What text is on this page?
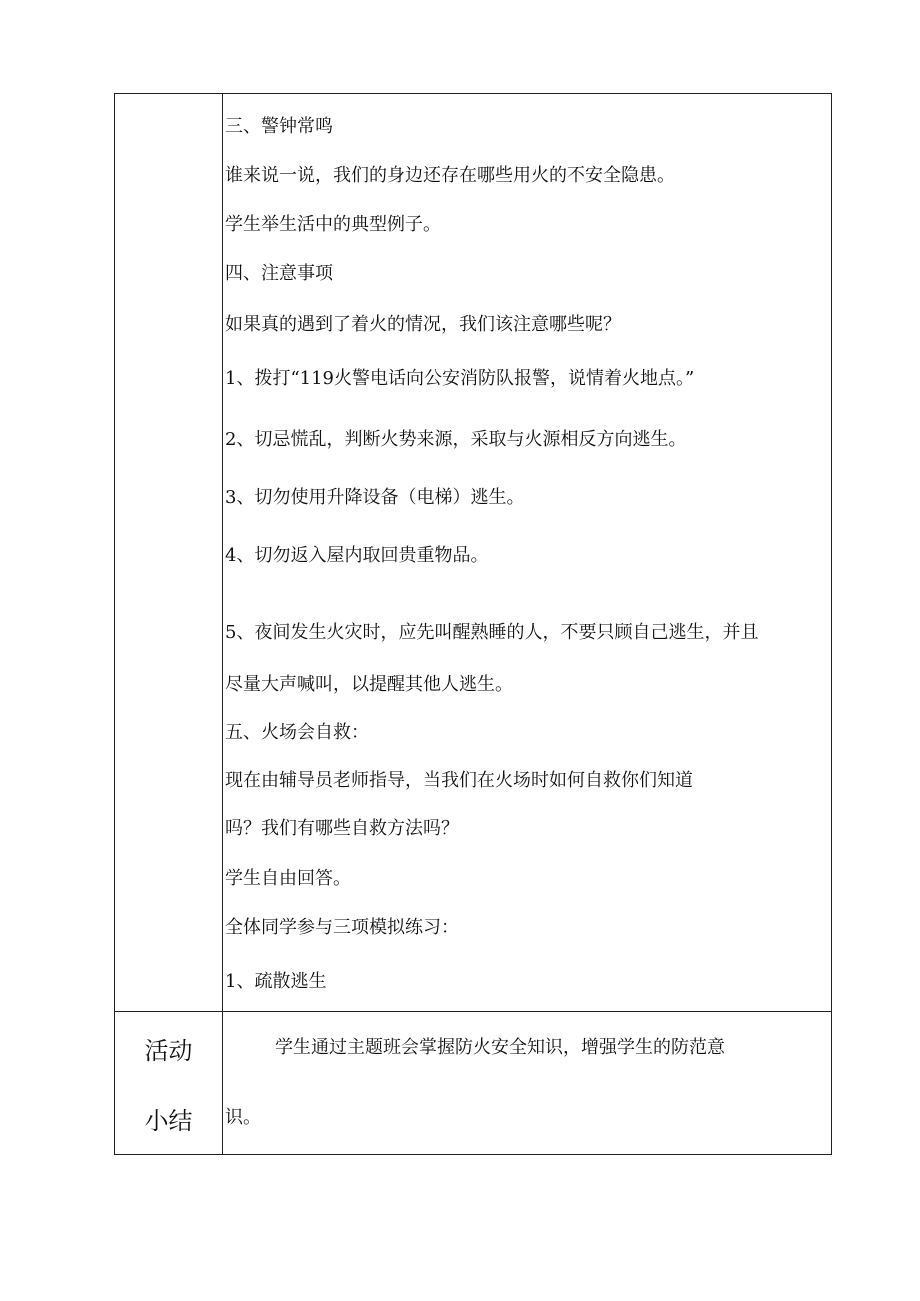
三、警钟常鸣
谁来说一说，我们的身边还存在哪些用火的不安全隐患。
学生举生活中的典型例子。
四、注意事项
如果真的遇到了着火的情况，我们该注意哪些呢？
1、拨打“119火警电话向公安消防队报警，说情着火地点。”
2、切忌慌乱，判断火势来源，采取与火源相反方向逃生。
3、切勿使用升降设备（电梯）逃生。
4、切勿返入屋内取回贵重物品。
5、夜间发生火灾时，应先叫醒熟睡的人，不要只顾自己逃生，并且
尽量大声喊叫，以提醒其他人逃生。
五、火场会自救：
现在由辅导员老师指导，当我们在火场时如何自救你们知道
吗？我们有哪些自救方法吗？
学生自由回答。
全体同学参与三项模拟练习：
1、疏散逃生
活动
小结
学生通过主题班会掌握防火安全知识，增强学生的防范意
识。
